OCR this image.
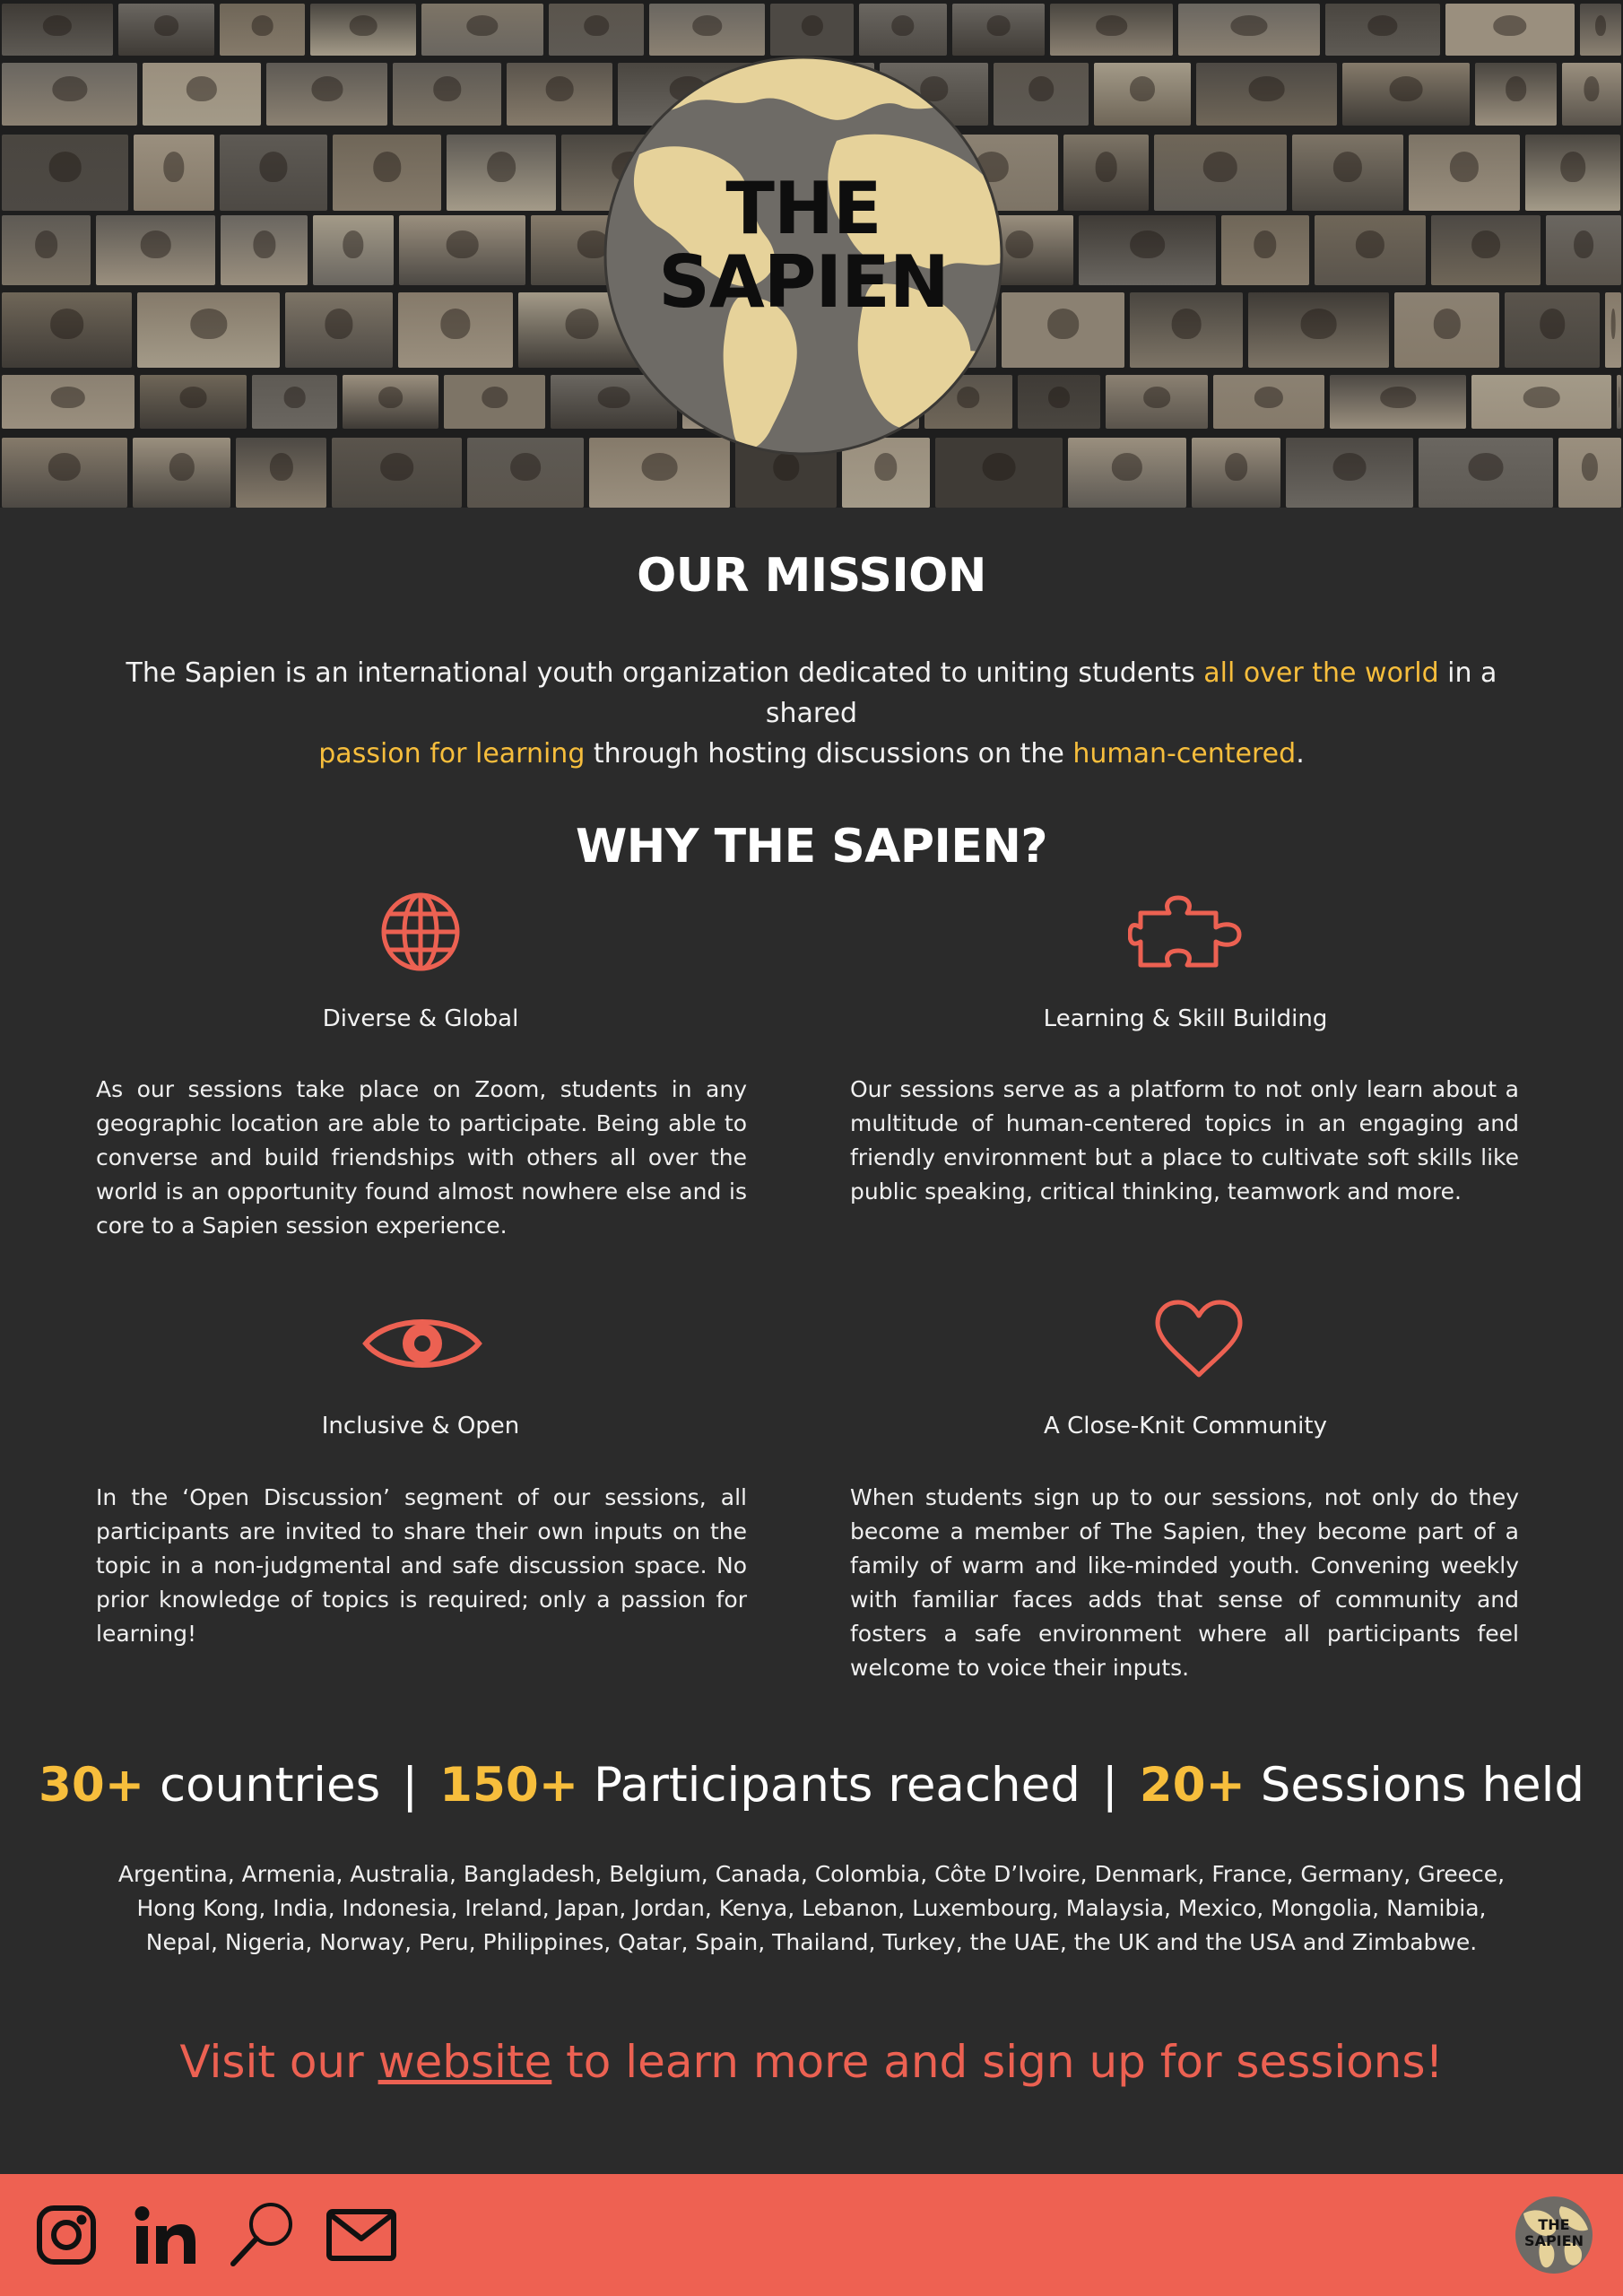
THE
SAPIEN
OUR MISSION
The Sapien is an international youth organization dedicated to uniting students all over the world in a shared
passion for learning through hosting discussions on the human-centered.
WHY THE SAPIEN?
Diverse & Global
As our sessions take place on Zoom, students in any geographic location are able to participate. Being able to converse and build friendships with others all over the world is an opportunity found almost nowhere else and is core to a Sapien session experience.
Learning & Skill Building
Our sessions serve as a platform to not only learn about a multitude of human-centered topics in an engaging and friendly environment but a place to cultivate soft skills like public speaking, critical thinking, teamwork and more.
Inclusive & Open
In the ‘Open Discussion’ segment of our sessions, all participants are invited to share their own inputs on the topic in a non-judgmental and safe discussion space. No prior knowledge of topics is required; only a passion for learning!
A Close-Knit Community
When students sign up to our sessions, not only do they become a member of The Sapien, they become part of a family of warm and like-minded youth. Convening weekly with familiar faces adds that sense of community and fosters a safe environment where all participants feel welcome to voice their inputs.
30+ countries | 150+ Participants reached | 20+ Sessions held
Argentina, Armenia, Australia, Bangladesh, Belgium, Canada, Colombia, Côte D’Ivoire, Denmark, France, Germany, Greece, Hong Kong, India, Indonesia, Ireland, Japan, Jordan, Kenya, Lebanon, Luxembourg, Malaysia, Mexico, Mongolia, Namibia, Nepal, Nigeria, Norway, Peru, Philippines, Qatar, Spain, Thailand, Turkey, the UAE, the UK and the USA and Zimbabwe.
Visit our website to learn more and sign up for sessions!
THE
SAPIEN
